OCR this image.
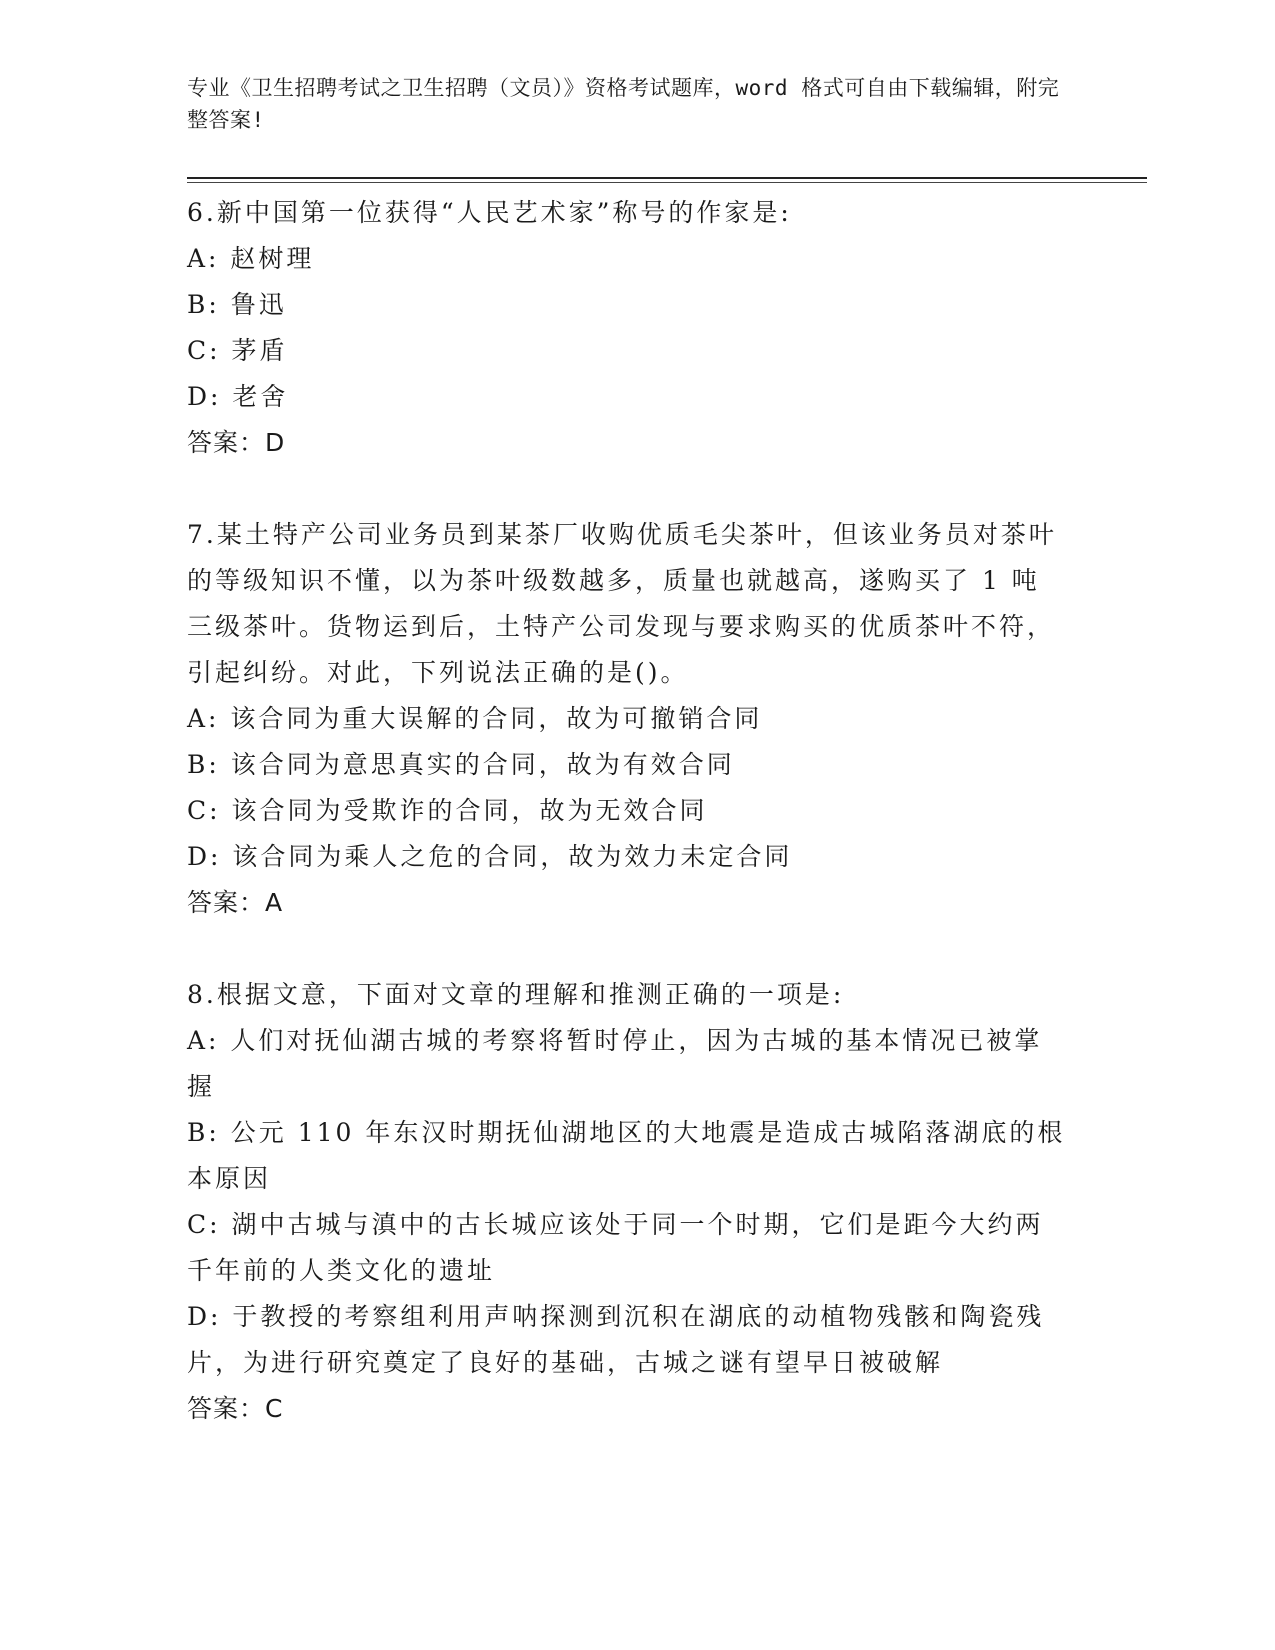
专业《卫生招聘考试之卫生招聘（文员）》资格考试题库，word 格式可自由下载编辑，附完整答案!

6.新中国第一位获得“人民艺术家”称号的作家是:

A: 赵树理

B: 鲁迅

C: 茅盾

D: 老舍

答案：D

7.某土特产公司业务员到某茶厂收购优质毛尖茶叶，但该业务员对茶叶的等级知识不懂，以为茶叶级数越多，质量也就越高，遂购买了 1 吨三级茶叶。货物运到后，土特产公司发现与要求购买的优质茶叶不符，引起纠纷。对此，下列说法正确的是()。

A: 该合同为重大误解的合同，故为可撤销合同

B: 该合同为意思真实的合同，故为有效合同

C: 该合同为受欺诈的合同，故为无效合同

D: 该合同为乘人之危的合同，故为效力未定合同

答案：A

8.根据文意，下面对文章的理解和推测正确的一项是:

A: 人们对抚仙湖古城的考察将暂时停止，因为古城的基本情况已被掌握

B: 公元 110 年东汉时期抚仙湖地区的大地震是造成古城陷落湖底的根本原因

C: 湖中古城与滇中的古长城应该处于同一个时期，它们是距今大约两千年前的人类文化的遗址

D: 于教授的考察组利用声呐探测到沉积在湖底的动植物残骸和陶瓷残片，为进行研究奠定了良好的基础，古城之谜有望早日被破解

答案：C
